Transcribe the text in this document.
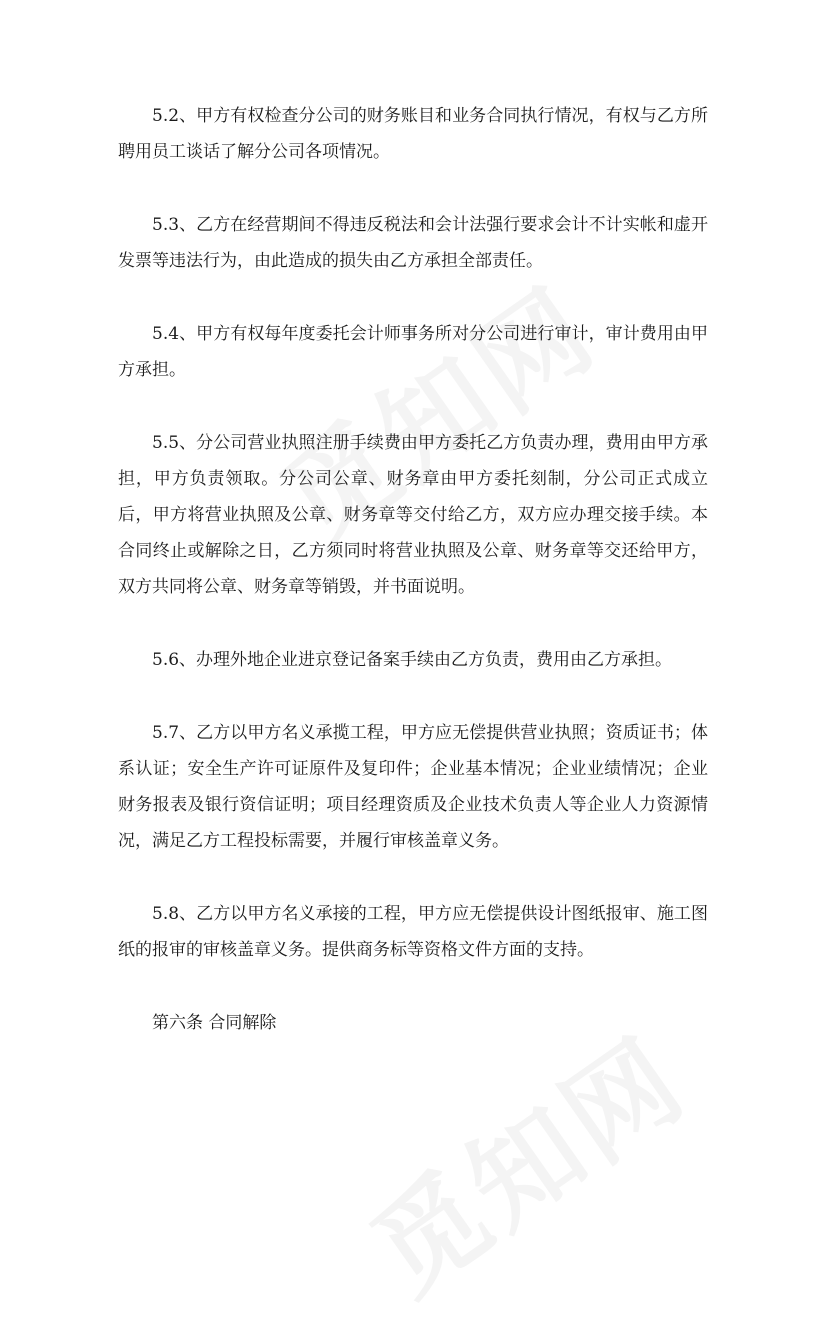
5.2、甲方有权检查分公司的财务账目和业务合同执行情况，有权与乙方所聘用员工谈话了解分公司各项情况。

5.3、乙方在经营期间不得违反税法和会计法强行要求会计不计实帐和虚开发票等违法行为，由此造成的损失由乙方承担全部责任。

5.4、甲方有权每年度委托会计师事务所对分公司进行审计，审计费用由甲方承担。

5.5、分公司营业执照注册手续费由甲方委托乙方负责办理，费用由甲方承担，甲方负责领取。分公司公章、财务章由甲方委托刻制，分公司正式成立后，甲方将营业执照及公章、财务章等交付给乙方，双方应办理交接手续。本合同终止或解除之日，乙方须同时将营业执照及公章、财务章等交还给甲方，双方共同将公章、财务章等销毁，并书面说明。

5.6、办理外地企业进京登记备案手续由乙方负责，费用由乙方承担。

5.7、乙方以甲方名义承揽工程，甲方应无偿提供营业执照；资质证书；体系认证；安全生产许可证原件及复印件；企业基本情况；企业业绩情况；企业财务报表及银行资信证明；项目经理资质及企业技术负责人等企业人力资源情况，满足乙方工程投标需要，并履行审核盖章义务。

5.8、乙方以甲方名义承接的工程，甲方应无偿提供设计图纸报审、施工图纸的报审的审核盖章义务。提供商务标等资格文件方面的支持。

第六条 合同解除
